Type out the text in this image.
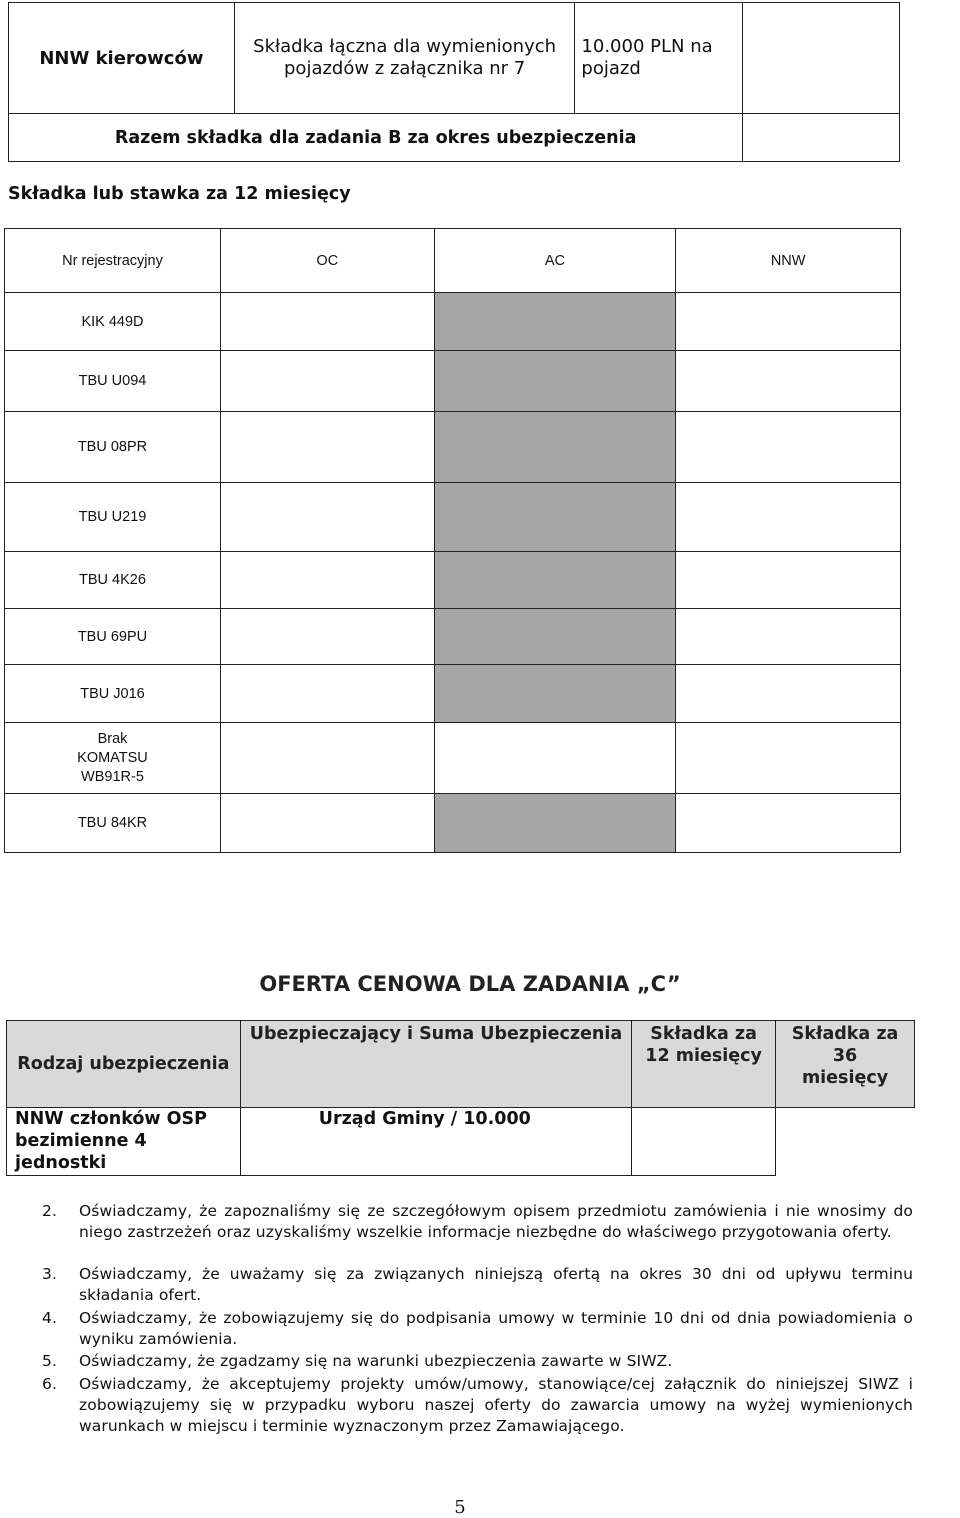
NNW kierowców	Składka łączna dla wymienionych pojazdów z załącznika nr 7	10.000 PLN na pojazd	
Razem składka dla zadania B za okres ubezpieczenia			
Składka lub stawka za 12 miesięcy
Nr rejestracyjny	OC	AC	NNW
KIK 449D			
TBU U094			
TBU 08PR			
TBU U219			
TBU 4K26			
TBU 69PU			
TBU J016			
Brak KOMATSU WB91R-5			
TBU 84KR			
OFERTA CENOWA DLA ZADANIA „C”
Rodzaj ubezpieczenia	Ubezpieczający i Suma Ubezpieczenia	Składka za 12 miesięcy	Składka za 36 miesięcy
NNW członków OSP bezimienne 4 jednostki	Urząd Gminy / 10.000		
2. Oświadczamy, że zapoznaliśmy się ze szczegółowym opisem przedmiotu zamówienia i nie wnosimy do niego zastrzeżeń oraz uzyskaliśmy wszelkie informacje niezbędne do właściwego przygotowania oferty.
3. Oświadczamy, że uważamy się za związanych niniejszą ofertą na okres 30 dni od upływu terminu składania ofert.
4. Oświadczamy, że zobowiązujemy się do podpisania umowy w terminie 10 dni od dnia powiadomienia o wyniku zamówienia.
5. Oświadczamy, że zgadzamy się na warunki ubezpieczenia zawarte w SIWZ.
6. Oświadczamy, że akceptujemy projekty umów/umowy, stanowiące/cej załącznik do niniejszej SIWZ i zobowiązujemy się w przypadku wyboru naszej oferty do zawarcia umowy na wyżej wymienionych warunkach w miejscu i terminie wyznaczonym przez Zamawiającego.
5
